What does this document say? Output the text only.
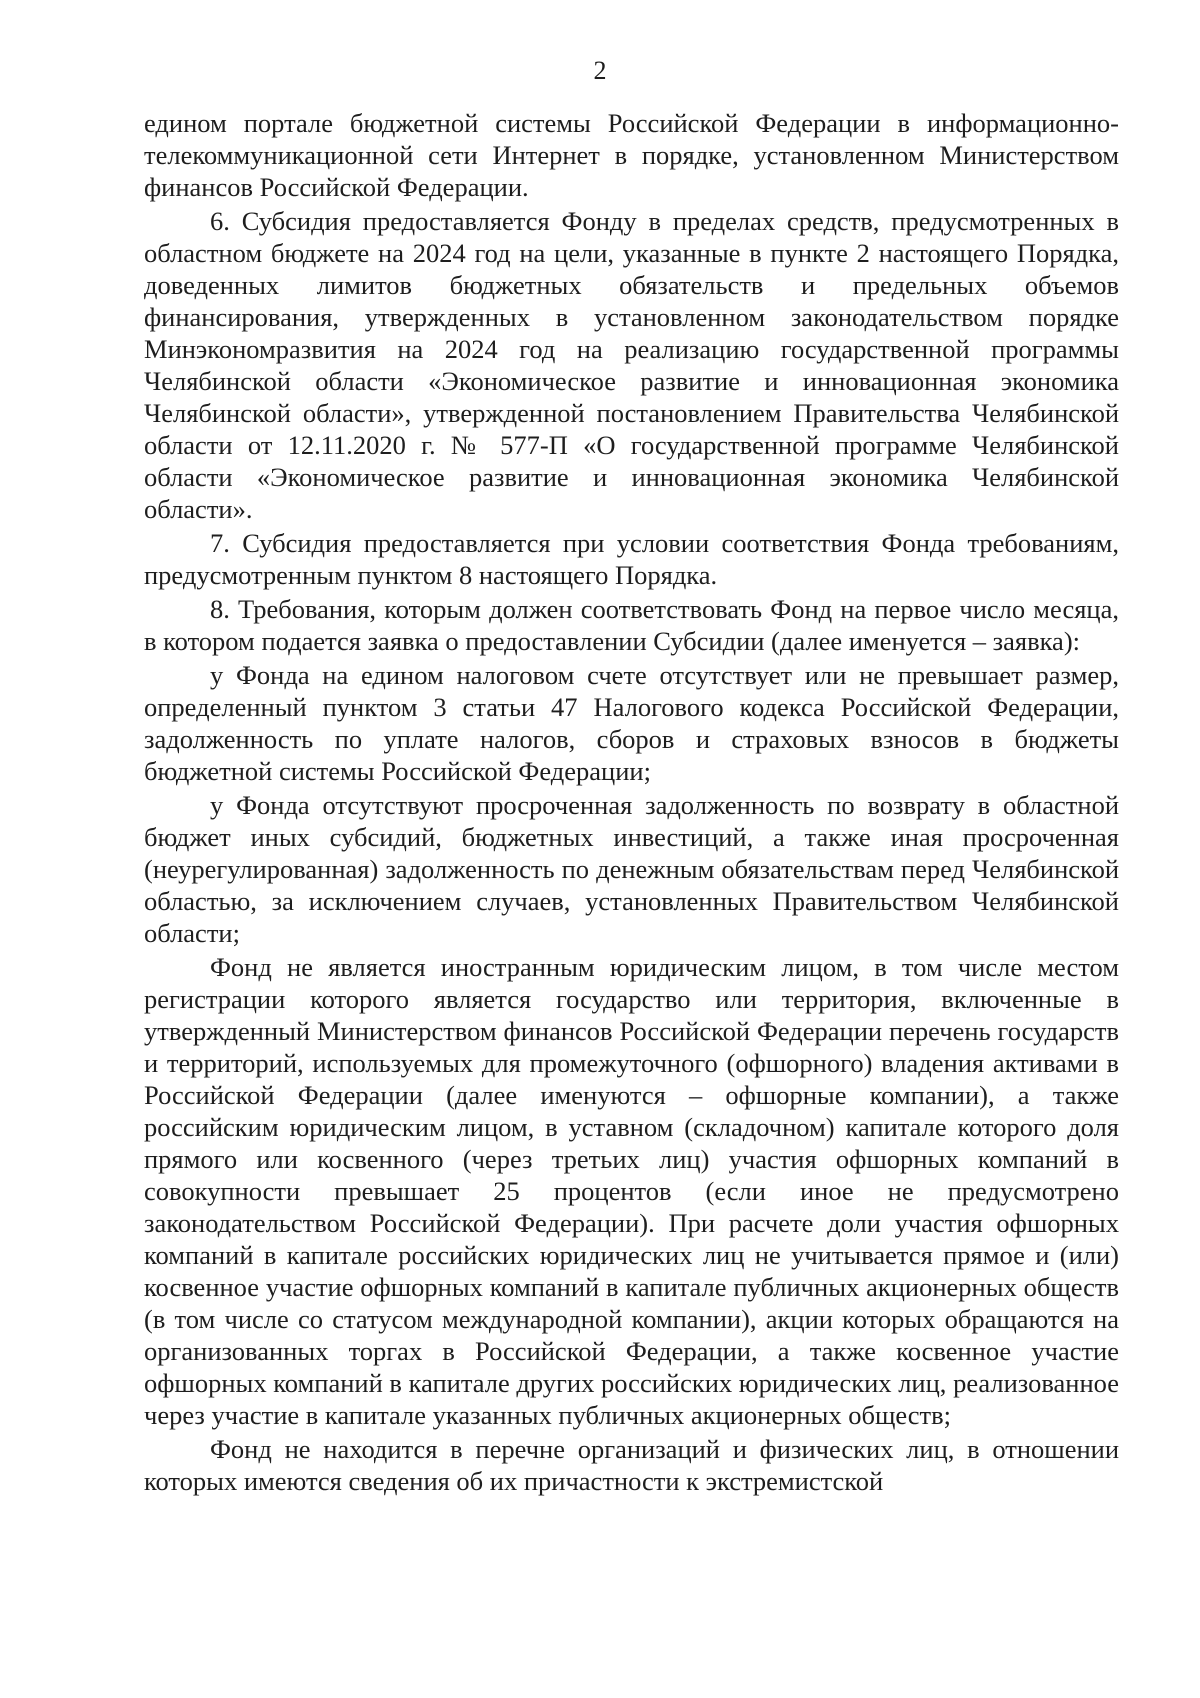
2

едином портале бюджетной системы Российской Федерации в информационно-телекоммуникационной сети Интернет в порядке, установленном Министерством финансов Российской Федерации.

6. Субсидия предоставляется Фонду в пределах средств, предусмотренных в областном бюджете на 2024 год на цели, указанные в пункте 2 настоящего Порядка, доведенных лимитов бюджетных обязательств и предельных объемов финансирования, утвержденных в установленном законодательством порядке Минэкономразвития на 2024 год на реализацию государственной программы Челябинской области «Экономическое развитие и инновационная экономика Челябинской области», утвержденной постановлением Правительства Челябинской области от 12.11.2020 г. № 577-П «О государственной программе Челябинской области «Экономическое развитие и инновационная экономика Челябинской области».

7. Субсидия предоставляется при условии соответствия Фонда требованиям, предусмотренным пунктом 8 настоящего Порядка.

8. Требования, которым должен соответствовать Фонд на первое число месяца, в котором подается заявка о предоставлении Субсидии (далее именуется – заявка):

у Фонда на едином налоговом счете отсутствует или не превышает размер, определенный пунктом 3 статьи 47 Налогового кодекса Российской Федерации, задолженность по уплате налогов, сборов и страховых взносов в бюджеты бюджетной системы Российской Федерации;

у Фонда отсутствуют просроченная задолженность по возврату в областной бюджет иных субсидий, бюджетных инвестиций, а также иная просроченная (неурегулированная) задолженность по денежным обязательствам перед Челябинской областью, за исключением случаев, установленных Правительством Челябинской области;

Фонд не является иностранным юридическим лицом, в том числе местом регистрации которого является государство или территория, включенные в утвержденный Министерством финансов Российской Федерации перечень государств и территорий, используемых для промежуточного (офшорного) владения активами в Российской Федерации (далее именуются – офшорные компании), а также российским юридическим лицом, в уставном (складочном) капитале которого доля прямого или косвенного (через третьих лиц) участия офшорных компаний в совокупности превышает 25 процентов (если иное не предусмотрено законодательством Российской Федерации). При расчете доли участия офшорных компаний в капитале российских юридических лиц не учитывается прямое и (или) косвенное участие офшорных компаний в капитале публичных акционерных обществ (в том числе со статусом международной компании), акции которых обращаются на организованных торгах в Российской Федерации, а также косвенное участие офшорных компаний в капитале других российских юридических лиц, реализованное через участие в капитале указанных публичных акционерных обществ;

Фонд не находится в перечне организаций и физических лиц, в отношении которых имеются сведения об их причастности к экстремистской
